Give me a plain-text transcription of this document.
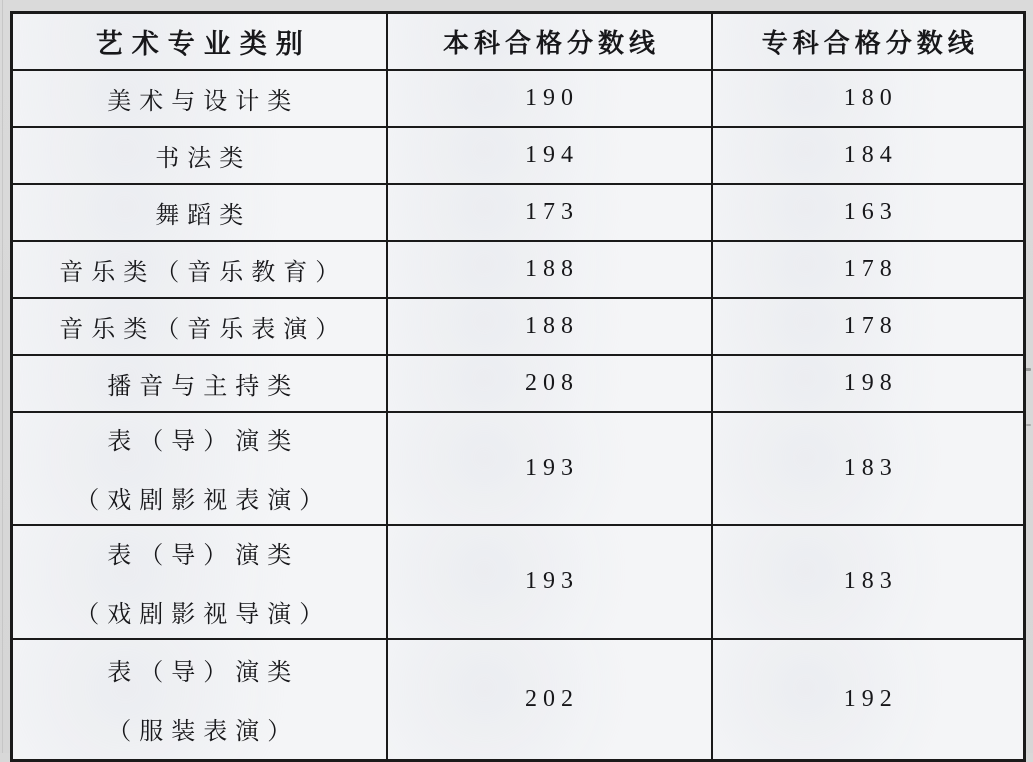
艺术专业类别	本科合格分数线	专科合格分数线
美术与设计类	190	180
书法类	194	184
舞蹈类	173	163
音乐类（音乐教育）	188	178
音乐类（音乐表演）	188	178
播音与主持类	208	198

表（导）演类
（戏剧影视表演）	193	183

表（导）演类
（戏剧影视导演）	193	183

表（导）演类
（服装表演）	202	192
